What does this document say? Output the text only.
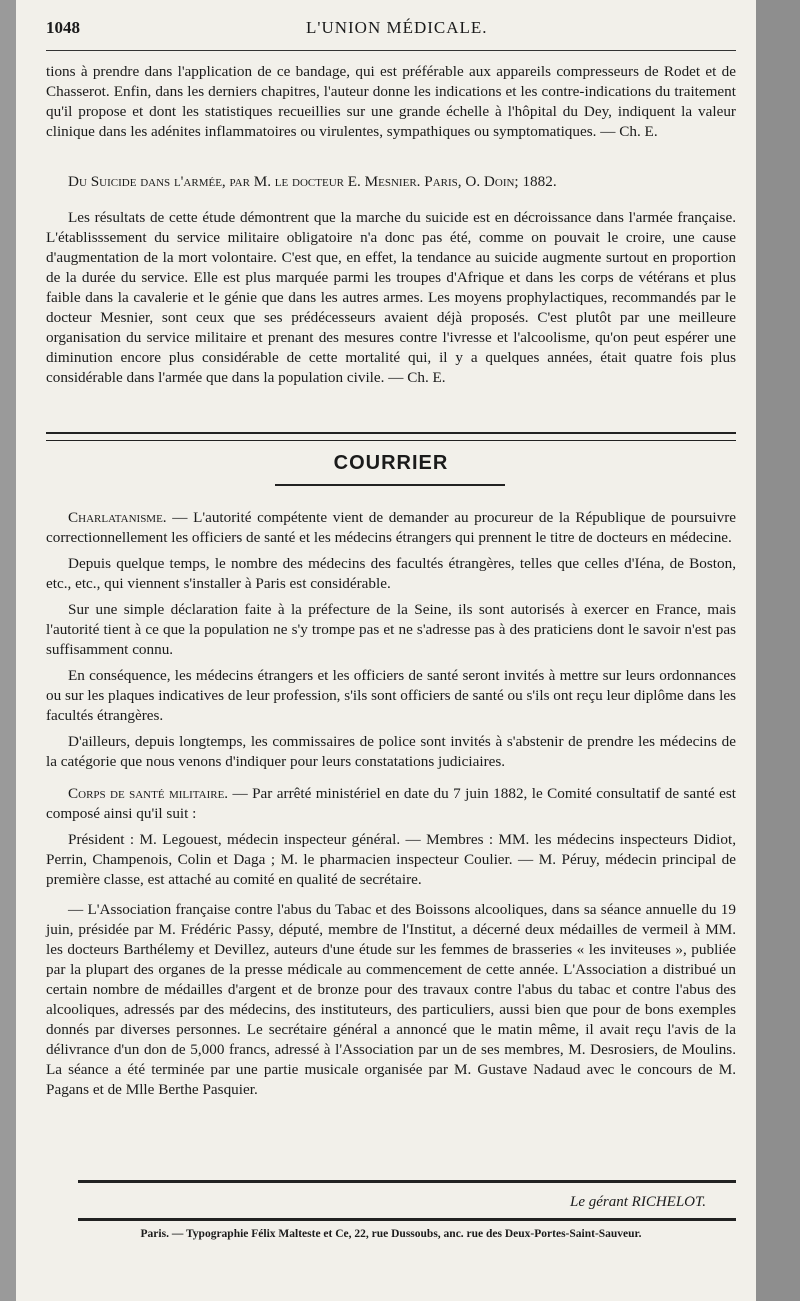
1048	L'UNION MÉDICALE.

tions à prendre dans l'application de ce bandage, qui est préférable aux appareils compresseurs de Rodet et de Chasserot. Enfin, dans les derniers chapitres, l'auteur donne les indications et les contre-indications du traitement qu'il propose et dont les statistiques recueillies sur une grande échelle à l'hôpital du Dey, indiquent la valeur clinique dans les adénites inflammatoires ou virulentes, sympathiques ou symptomatiques. — Ch. E.

Du Suicide dans l'armée, par M. le docteur E. Mesnier. Paris, O. Doin; 1882.

Les résultats de cette étude démontrent que la marche du suicide est en décroissance dans l'armée française. L'établisssement du service militaire obligatoire n'a donc pas été, comme on pouvait le croire, une cause d'augmentation de la mort volontaire. C'est que, en effet, la tendance au suicide augmente surtout en proportion de la durée du service. Elle est plus marquée parmi les troupes d'Afrique et dans les corps de vétérans et plus faible dans la cavalerie et le génie que dans les autres armes. Les moyens prophylactiques, recommandés par le docteur Mesnier, sont ceux que ses prédécesseurs avaient déjà proposés. C'est plutôt par une meilleure organisation du service militaire et prenant des mesures contre l'ivresse et l'alcoolisme, qu'on peut espérer une diminution encore plus considérable de cette mortalité qui, il y a quelques années, était quatre fois plus considérable dans l'armée que dans la population civile. — Ch. E.

COURRIER

Charlatanisme. — L'autorité compétente vient de demander au procureur de la République de poursuivre correctionnellement les officiers de santé et les médecins étrangers qui prennent le titre de docteurs en médecine.

Depuis quelque temps, le nombre des médecins des facultés étrangères, telles que celles d'Iéna, de Boston, etc., etc., qui viennent s'installer à Paris est considérable.

Sur une simple déclaration faite à la préfecture de la Seine, ils sont autorisés à exercer en France, mais l'autorité tient à ce que la population ne s'y trompe pas et ne s'adresse pas à des praticiens dont le savoir n'est pas suffisamment connu.

En conséquence, les médecins étrangers et les officiers de santé seront invités à mettre sur leurs ordonnances ou sur les plaques indicatives de leur profession, s'ils sont officiers de santé ou s'ils ont reçu leur diplôme dans les facultés étrangères.

D'ailleurs, depuis longtemps, les commissaires de police sont invités à s'abstenir de prendre les médecins de la catégorie que nous venons d'indiquer pour leurs constatations judiciaires.

Corps de santé militaire. — Par arrêté ministériel en date du 7 juin 1882, le Comité consultatif de santé est composé ainsi qu'il suit :

Président : M. Legouest, médecin inspecteur général. — Membres : MM. les médecins inspecteurs Didiot, Perrin, Champenois, Colin et Daga ; M. le pharmacien inspecteur Coulier. — M. Péruy, médecin principal de première classe, est attaché au comité en qualité de secrétaire.

— L'Association française contre l'abus du Tabac et des Boissons alcooliques, dans sa séance annuelle du 19 juin, présidée par M. Frédéric Passy, député, membre de l'Institut, a décerné deux médailles de vermeil à MM. les docteurs Barthélemy et Devillez, auteurs d'une étude sur les femmes de brasseries « les inviteuses », publiée par la plupart des organes de la presse médicale au commencement de cette année. L'Association a distribué un certain nombre de médailles d'argent et de bronze pour des travaux contre l'abus du tabac et contre l'abus des alcooliques, adressés par des médecins, des instituteurs, des particuliers, aussi bien que pour de bons exemples donnés par diverses personnes. Le secrétaire général a annoncé que le matin même, il avait reçu l'avis de la délivrance d'un don de 5,000 francs, adressé à l'Association par un de ses membres, M. Desrosiers, de Moulins. La séance a été terminée par une partie musicale organisée par M. Gustave Nadaud avec le concours de M. Pagans et de Mlle Berthe Pasquier.

Le gérant RICHELOT.
Paris. — Typographie Félix Malteste et Ce, 22, rue Dussoubs, anc. rue des Deux-Portes-Saint-Sauveur.
